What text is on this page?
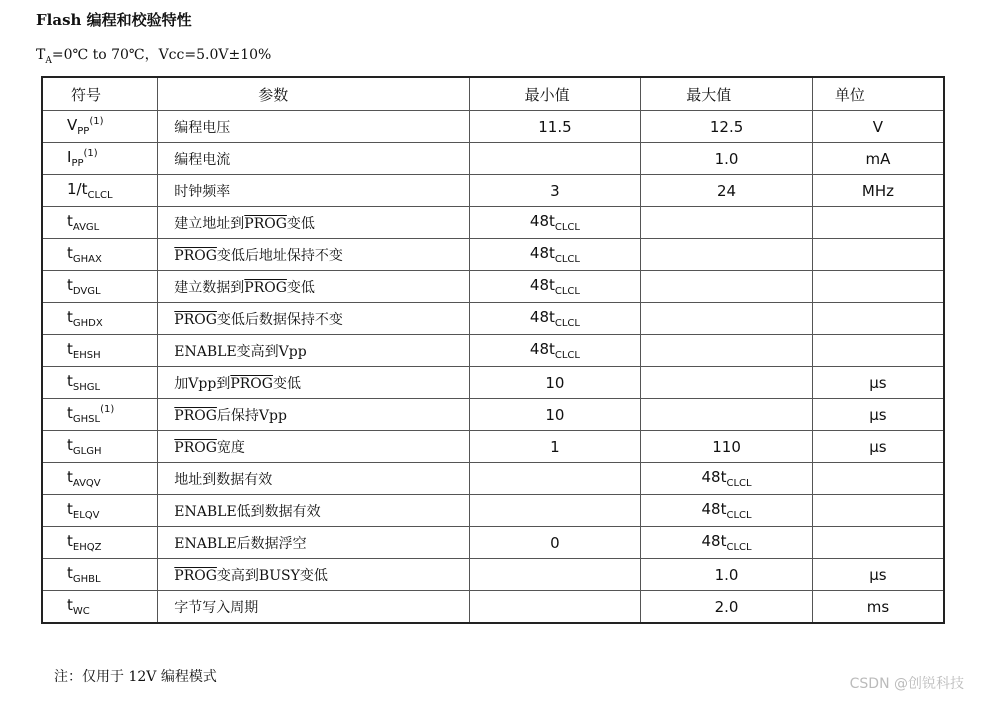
Flash 编程和校验特性
$T_A=0℃$ to 70℃，Vcc=5.0V±10%
符号	参数	最小值	最大值	单位
$V_{PP}^{(1)}$	编程电压	11.5	12.5	V
$I_{PP}^{(1)}$	编程电流		1.0	mA
$1/t_{CLCL}$	时钟频率	3	24	MHz
$t_{AVGL}$	建立地址到PROG变低	$48t_{CLCL}$		
$t_{GHAX}$	PROG变低后地址保持不变	$48t_{CLCL}$		
$t_{DVGL}$	建立数据到PROG变低	$48t_{CLCL}$		
$t_{GHDX}$	PROG变低后数据保持不变	$48t_{CLCL}$		
$t_{EHSH}$	ENABLE变高到Vpp	$48t_{CLCL}$		
$t_{SHGL}$	加Vpp到PROG变低	10		μs
$t_{GHSL}^{(1)}$	PROG后保持Vpp	10		μs
$t_{GLGH}$	PROG宽度	1	110	μs
$t_{AVQV}$	地址到数据有效		$48t_{CLCL}$	
$t_{ELQV}$	ENABLE低到数据有效		$48t_{CLCL}$	
$t_{EHQZ}$	ENABLE后数据浮空	0	$48t_{CLCL}$	
$t_{GHBL}$	PROG变高到BUSY变低		1.0	μs
$t_{WC}$	字节写入周期		2.0	ms
注：仅用于 12V 编程模式	CSDN @创锐科技
